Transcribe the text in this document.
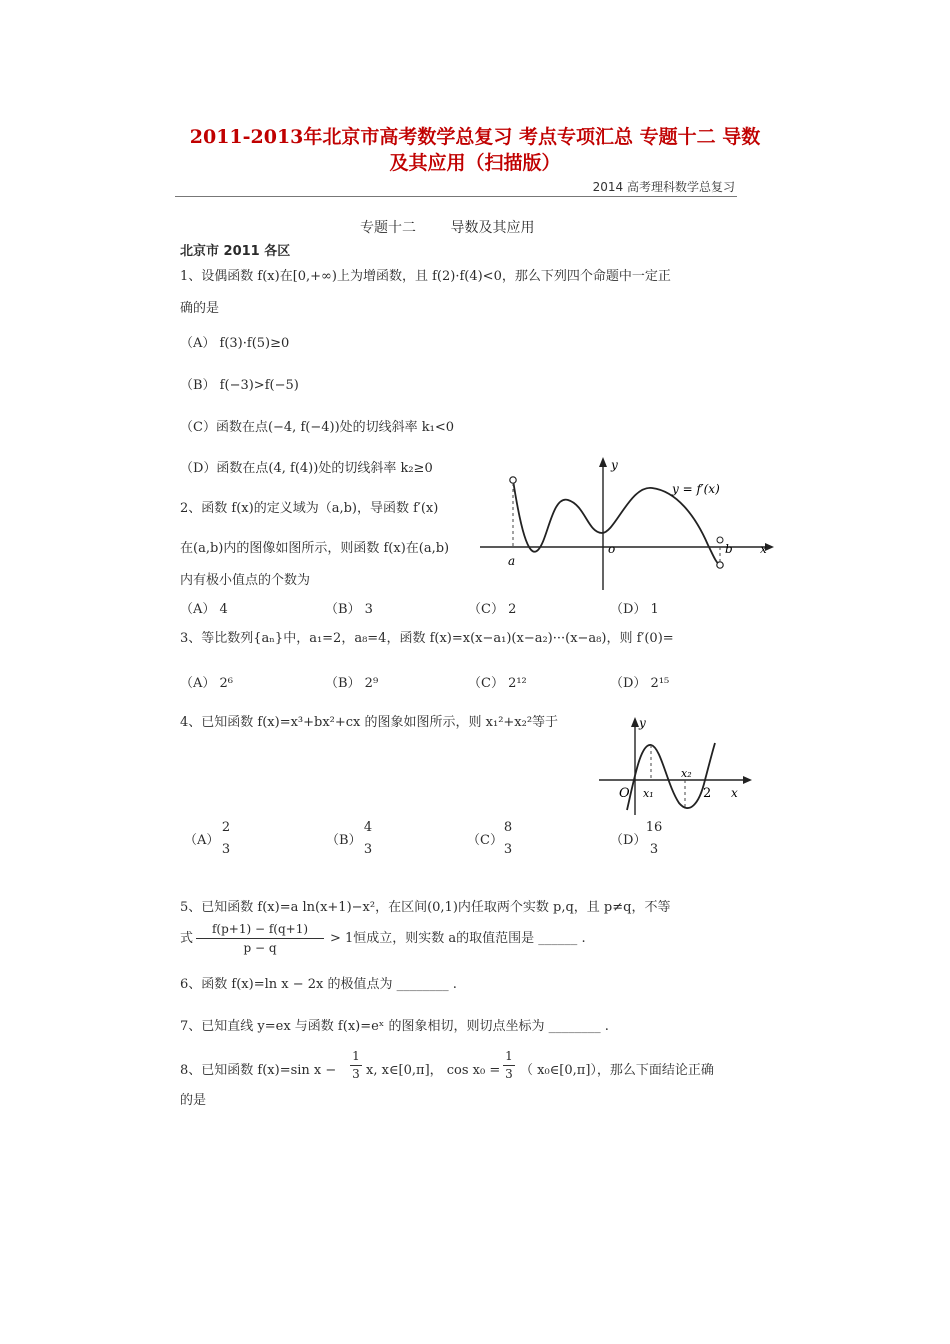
2011-2013年北京市高考数学总复习 考点专项汇总 专题十二 导数
及其应用（扫描版）
2014 高考理科数学总复习
专题十二 导数及其应用
北京市 2011 各区
1、设偶函数 f(x)在[0,+∞)上为增函数，且 f(2)·f(4)<0，那么下列四个命题中一定正
确的是
（A） f(3)·f(5)≥0
（B） f(−3)>f(−5)
（C）函数在点(−4, f(−4))处的切线斜率 k₁<0
（D）函数在点(4, f(4))处的切线斜率 k₂≥0
2、函数 f(x)的定义域为（a,b)，导函数 f′(x)
在(a,b)内的图像如图所示，则函数 f(x)在(a,b)
内有极小值点的个数为
（A） 4	（B） 3	（C） 2	（D） 1
a
b
o
y
x
y = f′(x)
3、等比数列{aₙ}中，a₁=2，a₈=4，函数 f(x)=x(x−a₁)(x−a₂)···(x−a₈)，则 f′(0)=
（A） 2⁶	（B） 2⁹	（C） 2¹²	（D） 2¹⁵
4、已知函数 f(x)=x³+bx²+cx 的图象如图所示，则 x₁²+x₂²等于	y
O x₁
x₂
2 x
（A）
2
3
（B）
4
3
（C）
8
3
（D）
16
3
5、已知函数 f(x)=a ln(x+1)−x²，在区间(0,1)内任取两个实数 p,q，且 p≠q，不等
式 $\frac{f(p+1) - f(q+1)}{p - q} > 1$恒成立，则实数 a的取值范围是 ______ .
6、函数 f(x)=ln x − 2x 的极值点为 ________ .
7、已知直线 y=ex 与函数 f(x)=eˣ 的图象相切，则切点坐标为 ________ .
8、已知函数 f(x)=sin $x - \frac{1}{3} x$, x∈[0,π]， $\cos x_0 = \frac{1}{3}$ （ x₀∈[0,π]），那么下面结论正确
的是
